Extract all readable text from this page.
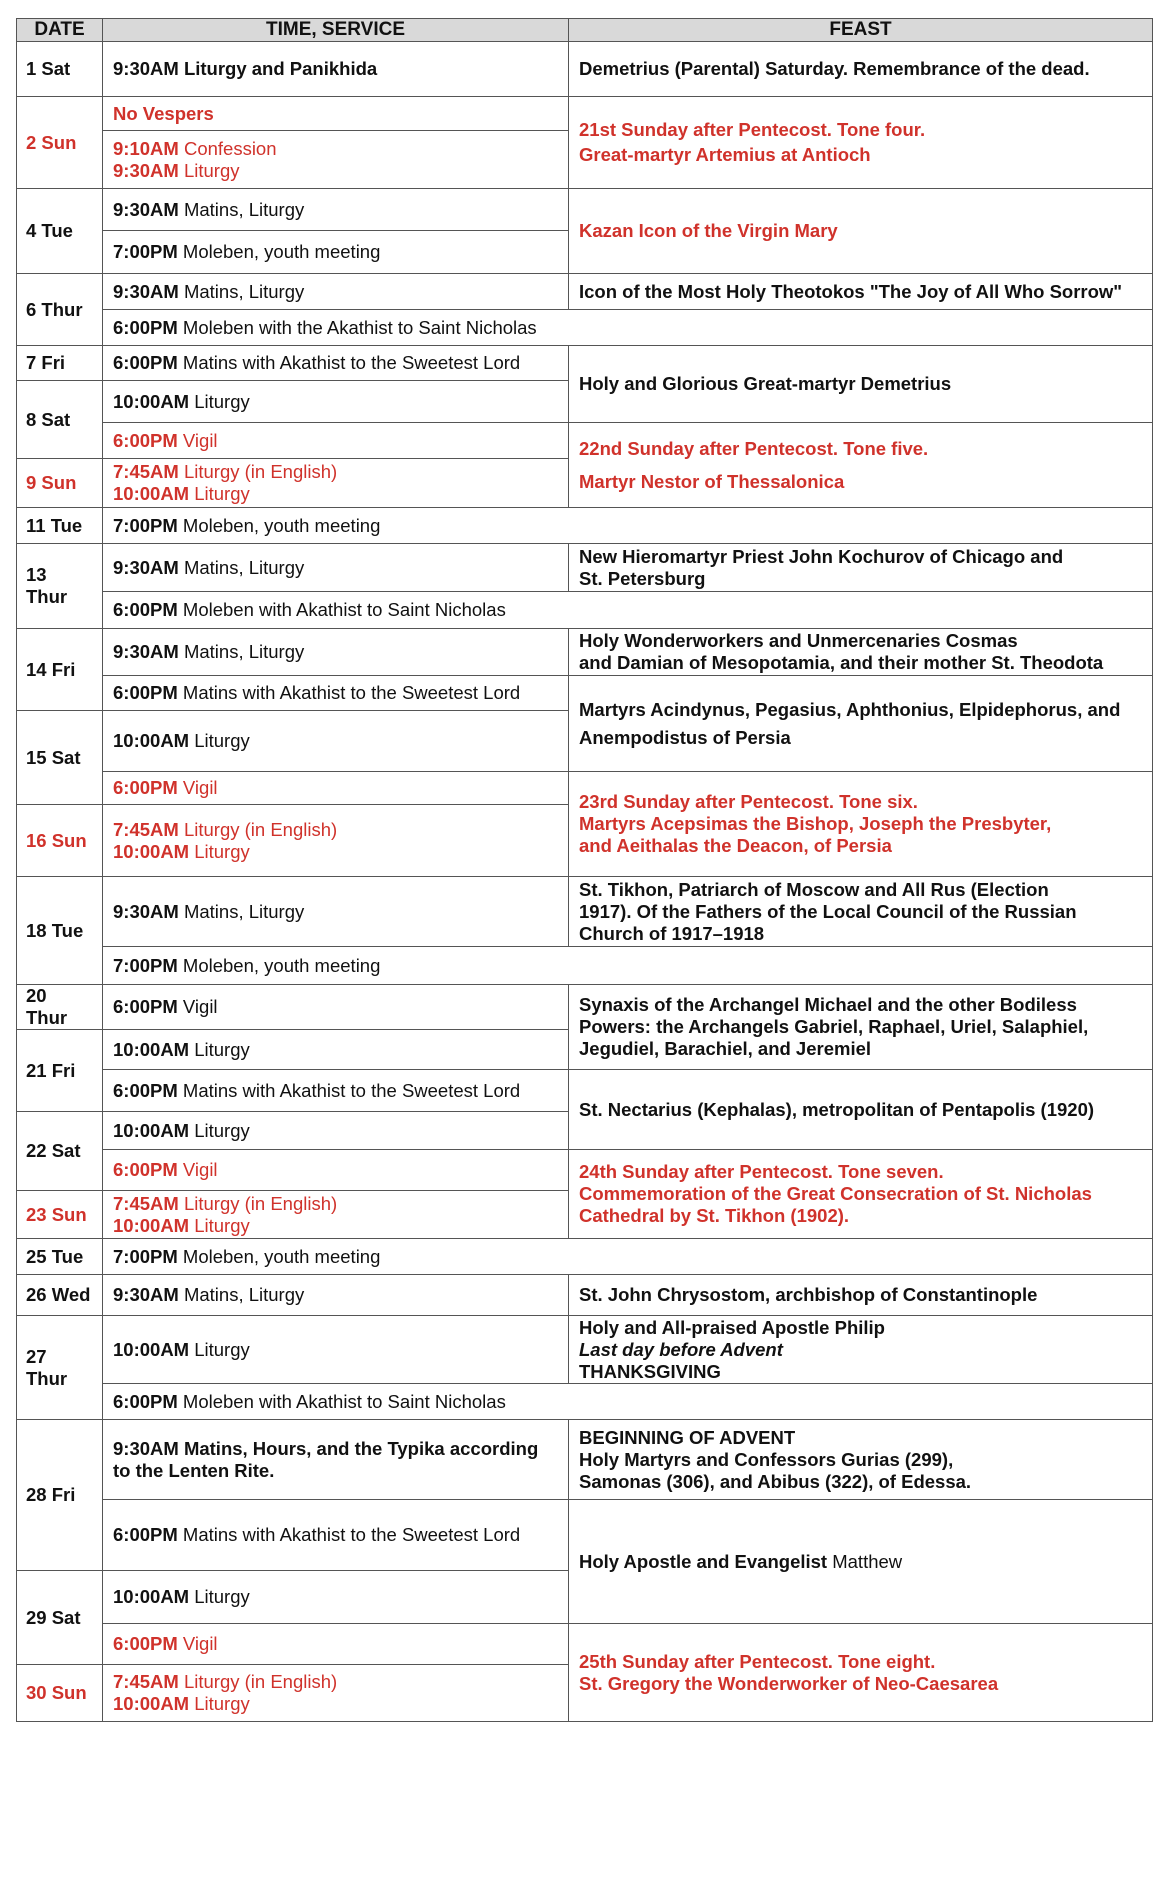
DATE	TIME, SERVICE	FEAST
1 Sat	9:30AM Liturgy and Panikhida	Demetrius (Parental) Saturday. Remembrance of the dead.
2 Sun	No Vespers	21st Sunday after Pentecost. Tone four.
Great-martyr Artemius at Antioch

	9:10AM Confession
9:30AM Liturgy	

4 Tue	9:30AM Matins, Liturgy	Kazan Icon of the Virgin Mary
	7:00PM Moleben, youth meeting	
6 Thur	9:30AM Matins, Liturgy	Icon of the Most Holy Theotokos "The Joy of All Who Sorrow"
	6:00PM Moleben with the Akathist to Saint Nicholas	
7 Fri	6:00PM Matins with Akathist to the Sweetest Lord	Holy and Glorious Great-martyr Demetrius
8 Sat	10:00AM Liturgy	
	6:00PM Vigil	22nd Sunday after Pentecost. Tone five.
Martyr Nestor of Thessalonica

9 Sun	7:45AM Liturgy (in English)
10:00AM Liturgy	

11 Tue	7:00PM Moleben, youth meeting	
13 Thur	9:30AM Matins, Liturgy	New Hieromartyr Priest John Kochurov of Chicago and
St. Petersburg

	6:00PM Moleben with Akathist to Saint Nicholas	
14 Fri	9:30AM Matins, Liturgy	Holy Wonderworkers and Unmercenaries Cosmas
and Damian of Mesopotamia, and their mother St. Theodota

	6:00PM Matins with Akathist to the Sweetest Lord	Martyrs Acindynus, Pegasius, Aphthonius, Elpidephorus, and
Anempodistus of Persia

15 Sat	10:00AM Liturgy	
	6:00PM Vigil	23rd Sunday after Pentecost. Tone six.
Martyrs Acepsimas the Bishop, Joseph the Presbyter,
and Aeithalas the Deacon, of Persia

16 Sun	7:45AM Liturgy (in English)
10:00AM Liturgy	

18 Tue	9:30AM Matins, Liturgy	St. Tikhon, Patriarch of Moscow and All Rus (Election
1917). Of the Fathers of the Local Council of the Russian
Church of 1917–1918

	7:00PM Moleben, youth meeting	
20 Thur	6:00PM Vigil	Synaxis of the Archangel Michael and the other Bodiless
Powers: the Archangels Gabriel, Raphael, Uriel, Salaphiel,
Jegudiel, Barachiel, and Jeremiel

21 Fri	10:00AM Liturgy	
	6:00PM Matins with Akathist to the Sweetest Lord	St. Nectarius (Kephalas), metropolitan of Pentapolis (1920)
22 Sat	10:00AM Liturgy	
	6:00PM Vigil	24th Sunday after Pentecost. Tone seven.
Commemoration of the Great Consecration of St. Nicholas
Cathedral by St. Tikhon (1902).

23 Sun	7:45AM Liturgy (in English)
10:00AM Liturgy	

25 Tue	7:00PM Moleben, youth meeting	
26 Wed	9:30AM Matins, Liturgy	St. John Chrysostom, archbishop of Constantinople
27 Thur	10:00AM Liturgy	Holy and All-praised Apostle Philip
Last day before Advent
THANKSGIVING

	6:00PM Moleben with Akathist to Saint Nicholas	
28 Fri	9:30AM Matins, Hours, and the Typika according to the Lenten Rite.	BEGINNING OF ADVENT
Holy Martyrs and Confessors Gurias (299),
Samonas (306), and Abibus (322), of Edessa.

	6:00PM Matins with Akathist to the Sweetest Lord	Holy Apostle and Evangelist Matthew
29 Sat	10:00AM Liturgy	
	6:00PM Vigil	25th Sunday after Pentecost. Tone eight.
St. Gregory the Wonderworker of Neo-Caesarea

30 Sun	7:45AM Liturgy (in English)
10:00AM Liturgy	
